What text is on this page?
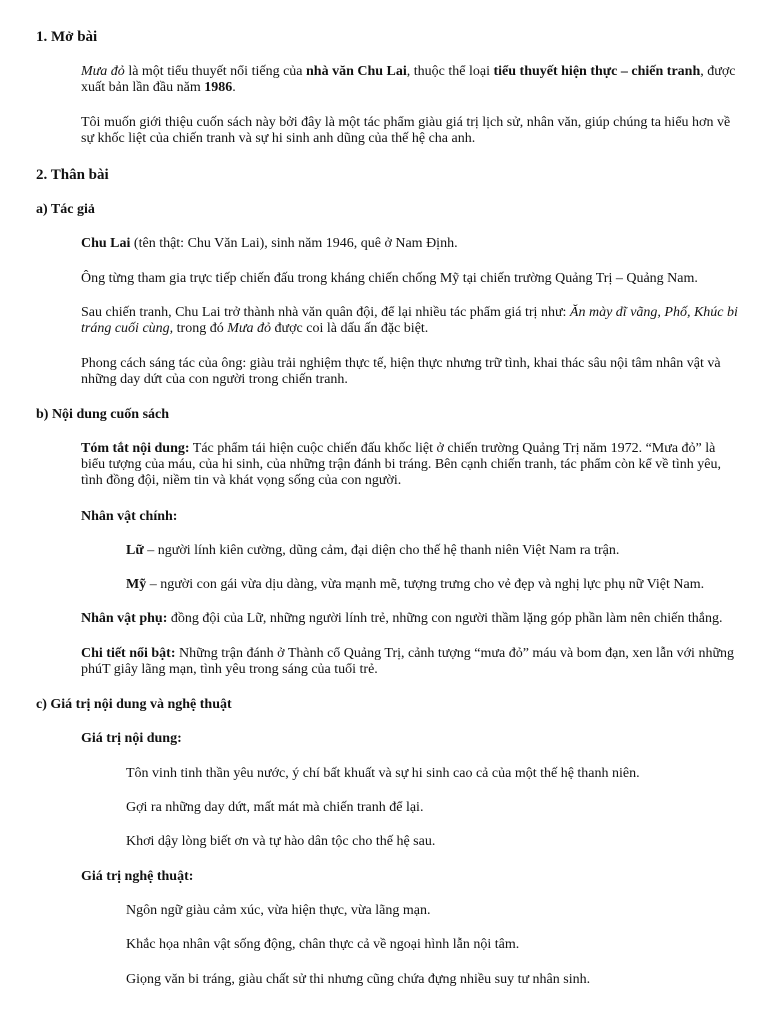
1. Mở bài

Mưa đỏ là một tiểu thuyết nổi tiếng của nhà văn Chu Lai, thuộc thể loại tiểu thuyết hiện thực – chiến tranh, được xuất bản lần đầu năm 1986.

Tôi muốn giới thiệu cuốn sách này bởi đây là một tác phẩm giàu giá trị lịch sử, nhân văn, giúp chúng ta hiểu hơn về sự khốc liệt của chiến tranh và sự hi sinh anh dũng của thế hệ cha anh.

2. Thân bài

a) Tác giả

Chu Lai (tên thật: Chu Văn Lai), sinh năm 1946, quê ở Nam Định.

Ông từng tham gia trực tiếp chiến đấu trong kháng chiến chống Mỹ tại chiến trường Quảng Trị – Quảng Nam.

Sau chiến tranh, Chu Lai trở thành nhà văn quân đội, để lại nhiều tác phẩm giá trị như: Ăn mày dĩ vãng, Phố, Khúc bi tráng cuối cùng, trong đó Mưa đỏ được coi là dấu ấn đặc biệt.

Phong cách sáng tác của ông: giàu trải nghiệm thực tế, hiện thực nhưng trữ tình, khai thác sâu nội tâm nhân vật và những day dứt của con người trong chiến tranh.

b) Nội dung cuốn sách

Tóm tắt nội dung: Tác phẩm tái hiện cuộc chiến đấu khốc liệt ở chiến trường Quảng Trị năm 1972. “Mưa đỏ” là biểu tượng của máu, của hi sinh, của những trận đánh bi tráng. Bên cạnh chiến tranh, tác phẩm còn kể về tình yêu, tình đồng đội, niềm tin và khát vọng sống của con người.

Nhân vật chính:

Lữ – người lính kiên cường, dũng cảm, đại diện cho thế hệ thanh niên Việt Nam ra trận.

Mỹ – người con gái vừa dịu dàng, vừa mạnh mẽ, tượng trưng cho vẻ đẹp và nghị lực phụ nữ Việt Nam.

Nhân vật phụ: đồng đội của Lữ, những người lính trẻ, những con người thầm lặng góp phần làm nên chiến thắng.

Chi tiết nổi bật: Những trận đánh ở Thành cổ Quảng Trị, cảnh tượng “mưa đỏ” máu và bom đạn, xen lẫn với những phúT giây lãng mạn, tình yêu trong sáng của tuổi trẻ.

c) Giá trị nội dung và nghệ thuật

Giá trị nội dung:

Tôn vinh tinh thần yêu nước, ý chí bất khuất và sự hi sinh cao cả của một thế hệ thanh niên.

Gợi ra những day dứt, mất mát mà chiến tranh để lại.

Khơi dậy lòng biết ơn và tự hào dân tộc cho thế hệ sau.

Giá trị nghệ thuật:

Ngôn ngữ giàu cảm xúc, vừa hiện thực, vừa lãng mạn.

Khắc họa nhân vật sống động, chân thực cả về ngoại hình lẫn nội tâm.

Giọng văn bi tráng, giàu chất sử thi nhưng cũng chứa đựng nhiều suy tư nhân sinh.
